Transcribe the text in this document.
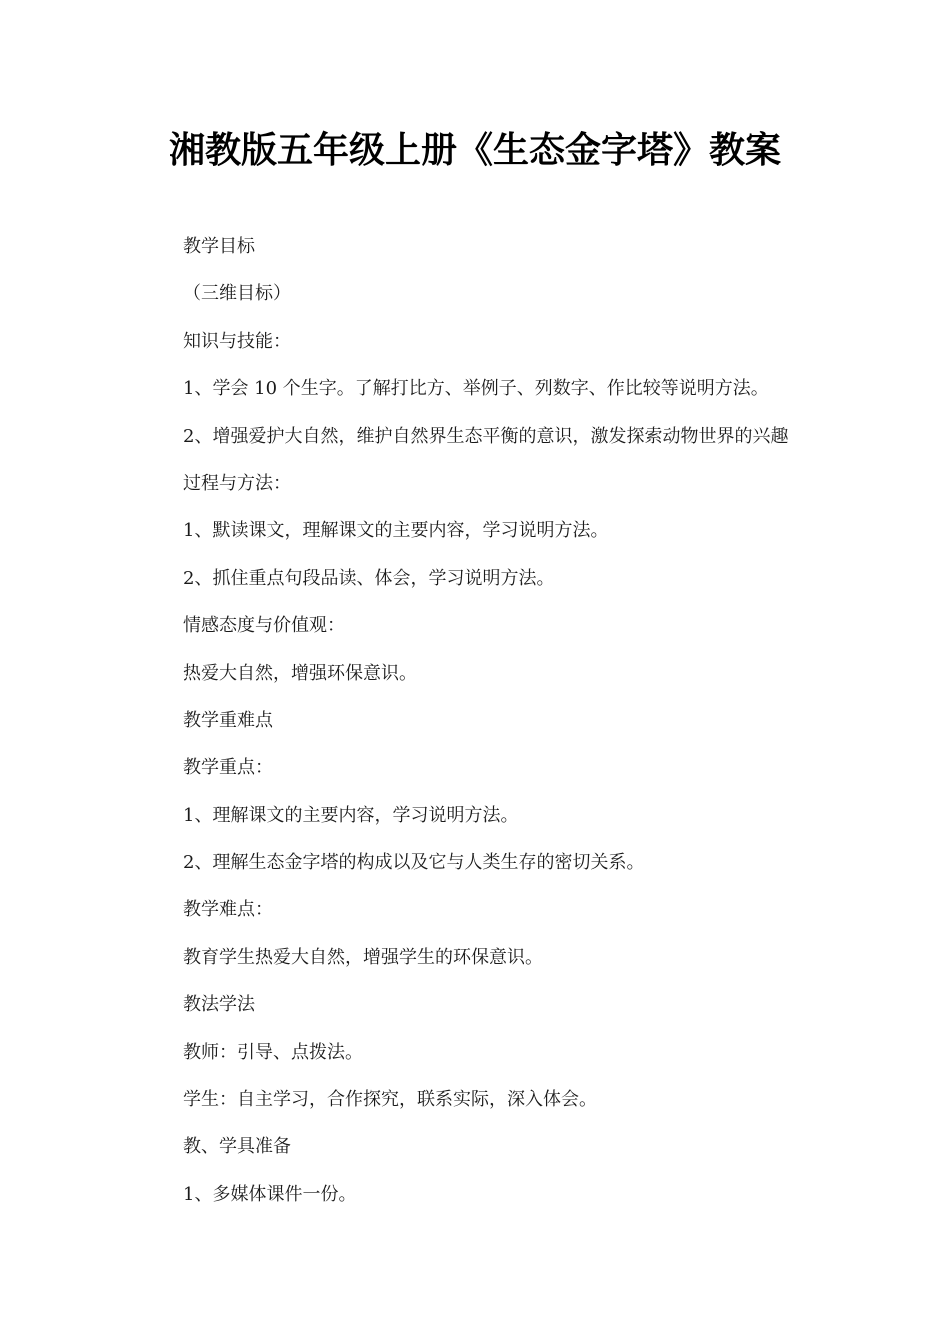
湘教版五年级上册《生态金字塔》教案

教学目标

（三维目标）

知识与技能：

1、学会 10 个生字。了解打比方、举例子、列数字、作比较等说明方法。

2、增强爱护大自然，维护自然界生态平衡的意识，激发探索动物世界的兴趣

过程与方法：

1、默读课文，理解课文的主要内容，学习说明方法。

2、抓住重点句段品读、体会，学习说明方法。

情感态度与价值观：

热爱大自然，增强环保意识。

教学重难点

教学重点：

1、理解课文的主要内容，学习说明方法。

2、理解生态金字塔的构成以及它与人类生存的密切关系。

教学难点：

教育学生热爱大自然，增强学生的环保意识。

教法学法

教师：引导、点拨法。

学生：自主学习，合作探究，联系实际，深入体会。

教、学具准备

1、多媒体课件一份。
